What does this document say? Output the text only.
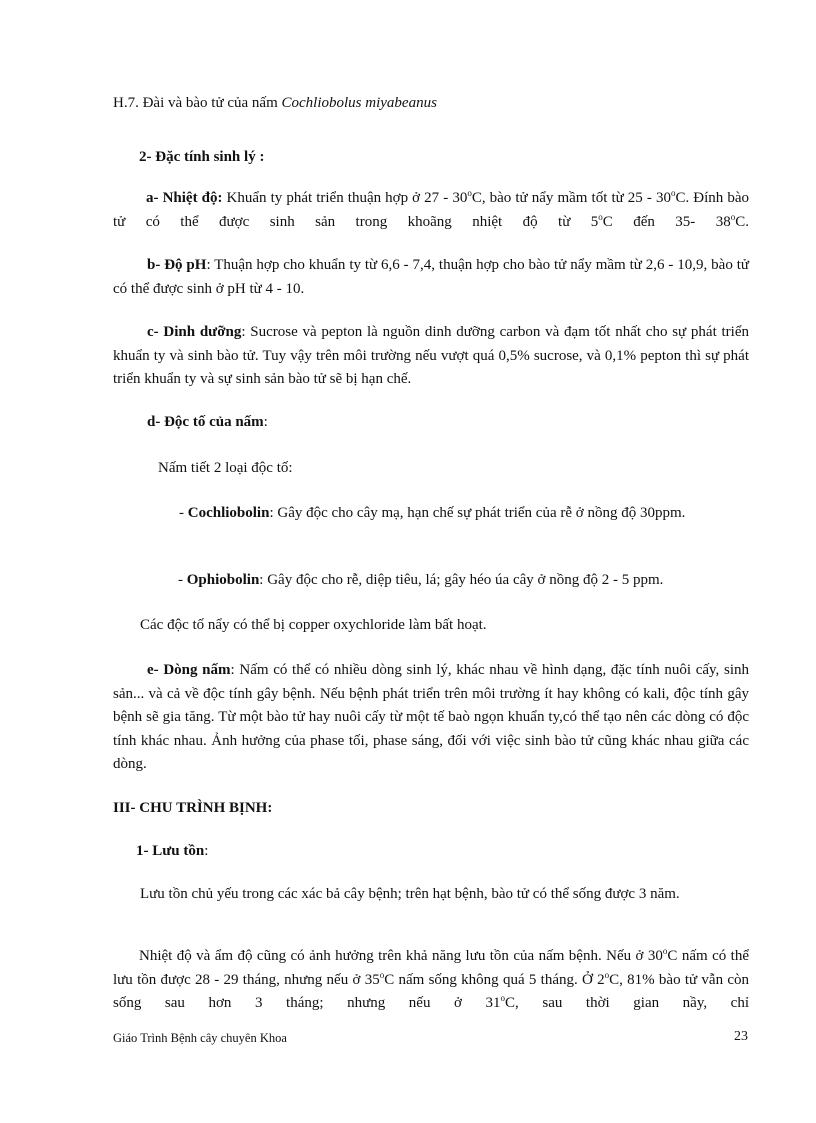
H.7. Đài và bào tử của nấm Cochliobolus miyabeanus

2- Đặc tính sinh lý :

a- Nhiệt độ: Khuẩn ty phát triển thuận hợp ở 27 - 30$^o$C, bào tử nẩy mầm tốt từ 25 - 30$^o$C. Đính bào tử có thể được sinh sản trong khoãng nhiệt độ từ 5$^o$C đến 35- 38$^o$C.

b- Độ pH: Thuận hợp cho khuẩn ty từ 6,6 - 7,4, thuận hợp cho bào tử nẩy mầm từ 2,6 - 10,9, bào tử có thể được sinh ở pH từ 4 - 10.

c- Dinh dưỡng: Sucrose và pepton là nguồn dinh dưỡng carbon và đạm tốt nhất cho sự phát triển khuẩn ty và sinh bào tử. Tuy vậy trên môi trường nếu vượt quá 0,5% sucrose, và 0,1% pepton thì sự phát triển khuẩn ty và sự sinh sản bào tử sẽ bị hạn chế.

d- Độc tố của nấm:

Nấm tiết 2 loại độc tố:

- Cochliobolin: Gây độc cho cây mạ, hạn chế sự phát triển của rễ ở nồng độ 30ppm.

- Ophiobolin: Gây độc cho rễ, diệp tiêu, lá; gây héo úa cây ở nồng độ 2 - 5 ppm.

Các độc tố nẩy có thể bị copper oxychloride làm bất hoạt.

e- Dòng nấm: Nấm có thể có nhiều dòng sinh lý, khác nhau về hình dạng, đặc tính nuôi cấy, sinh sản... và cả về độc tính gây bệnh. Nếu bệnh phát triển trên môi trường ít hay không có kali, độc tính gây bệnh sẽ gia tăng. Từ một bào tử hay nuôi cấy từ một tế baò ngọn khuẩn ty,có thể tạo nên các dòng có độc tính khác nhau. Ảnh hưởng của phase tối, phase sáng, đối với việc sinh bào tử cũng khác nhau giữa các dòng.

III- CHU TRÌNH BỊNH:

1- Lưu tồn:

Lưu tồn chủ yếu trong các xác bả cây bệnh; trên hạt bệnh, bào tử có thể sống được 3 năm.

Nhiệt độ và ẩm độ cũng có ảnh hưởng trên khả năng lưu tồn của nấm bệnh. Nếu ở 30$^o$C nấm có thể lưu tồn được 28 - 29 tháng, nhưng nếu ở 35$^o$C nấm sống không quá 5 tháng. Ở 2$^o$C, 81% bào tử vẫn còn sống sau hơn 3 tháng; nhưng nếu ở 31$^o$C, sau thời gian nầy, chỉ

Giáo Trình Bệnh cây chuyên Khoa	23
